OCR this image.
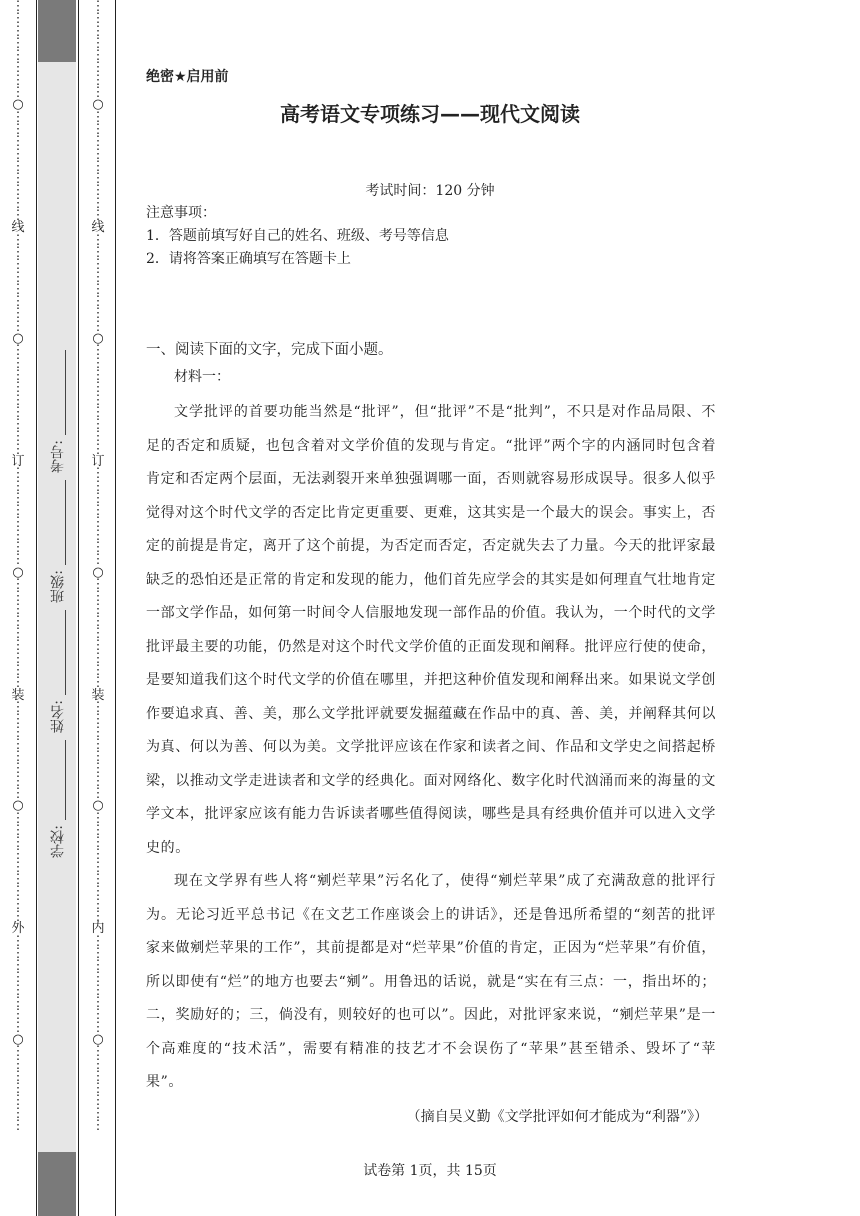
⋮
⋮
⋮
⋮
⋮
⋮
⋮
⋮
○
⋮
⋮
⋮
⋮
⋮
⋮
⋮
⋮
⋮
线
⋮
⋮
⋮
⋮
⋮
⋮
⋮
⋮
○
⋮
⋮
⋮
⋮
⋮
⋮
⋮
⋮
⋮
订
⋮
⋮
⋮
⋮
⋮
⋮
⋮
⋮
○
⋮
⋮
⋮
⋮
⋮
⋮
⋮
⋮
⋮
装
⋮
⋮
⋮
⋮
⋮
⋮
⋮
⋮
○
⋮
⋮
⋮
⋮
⋮
⋮
⋮
⋮
⋮
外
⋮
⋮
⋮
⋮
⋮
⋮
⋮
⋮
○
⋮
⋮
⋮
⋮
⋮
⋮
⋮
考号:
班级:
姓名:
学校:
⋮
⋮
⋮
⋮
⋮
⋮
⋮
⋮
○
⋮
⋮
⋮
⋮
⋮
⋮
⋮
⋮
⋮
线
⋮
⋮
⋮
⋮
⋮
⋮
⋮
⋮
○
⋮
⋮
⋮
⋮
⋮
⋮
⋮
⋮
⋮
订
⋮
⋮
⋮
⋮
⋮
⋮
⋮
⋮
○
⋮
⋮
⋮
⋮
⋮
⋮
⋮
⋮
⋮
装
⋮
⋮
⋮
⋮
⋮
⋮
⋮
⋮
○
⋮
⋮
⋮
⋮
⋮
⋮
⋮
⋮
⋮
内
⋮
⋮
⋮
⋮
⋮
⋮
⋮
⋮
○
⋮
⋮
⋮
⋮
⋮
⋮
⋮
绝密★启用前
高考语文专项练习——现代文阅读
考试时间：120 分钟
注意事项：
1．答题前填写好自己的姓名、班级、考号等信息
2．请将答案正确填写在答题卡上
一、阅读下面的文字，完成下面小题。
材料一：

文学批评的首要功能当然是“批评”，但“批评”不是“批判”，不只是对作品局限、不足的否定和质疑，也包含着对文学价值的发现与肯定。“批评”两个字的内涵同时包含着肯定和否定两个层面，无法剥裂开来单独强调哪一面，否则就容易形成误导。很多人似乎觉得对这个时代文学的否定比肯定更重要、更难，这其实是一个最大的误会。事实上，否定的前提是肯定，离开了这个前提，为否定而否定，否定就失去了力量。今天的批评家最缺乏的恐怕还是正常的肯定和发现的能力，他们首先应学会的其实是如何理直气壮地肯定一部文学作品，如何第一时间令人信服地发现一部作品的价值。我认为，一个时代的文学批评最主要的功能，仍然是对这个时代文学价值的正面发现和阐释。批评应行使的使命，是要知道我们这个时代文学的价值在哪里，并把这种价值发现和阐释出来。如果说文学创作要追求真、善、美，那么文学批评就要发掘蕴藏在作品中的真、善、美，并阐释其何以为真、何以为善、何以为美。文学批评应该在作家和读者之间、作品和文学史之间搭起桥梁，以推动文学走进读者和文学的经典化。面对网络化、数字化时代汹涌而来的海量的文学文本，批评家应该有能力告诉读者哪些值得阅读，哪些是具有经典价值并可以进入文学史的。

现在文学界有些人将“剜烂苹果”污名化了，使得“剜烂苹果”成了充满敌意的批评行为。无论习近平总书记《在文艺工作座谈会上的讲话》，还是鲁迅所希望的“刻苦的批评家来做剜烂苹果的工作”，其前提都是对“烂苹果”价值的肯定，正因为“烂苹果”有价值，所以即使有“烂”的地方也要去“剜”。用鲁迅的话说，就是“实在有三点：一，指出坏的；二，奖励好的；三，倘没有，则较好的也可以”。因此，对批评家来说，“剜烂苹果”是一个高难度的“技术活”，需要有精准的技艺才不会误伤了“苹果”甚至错杀、毁坏了“苹果”。

（摘自吴义勤《文学批评如何才能成为“利器”》）
试卷第 1页，共 15页
